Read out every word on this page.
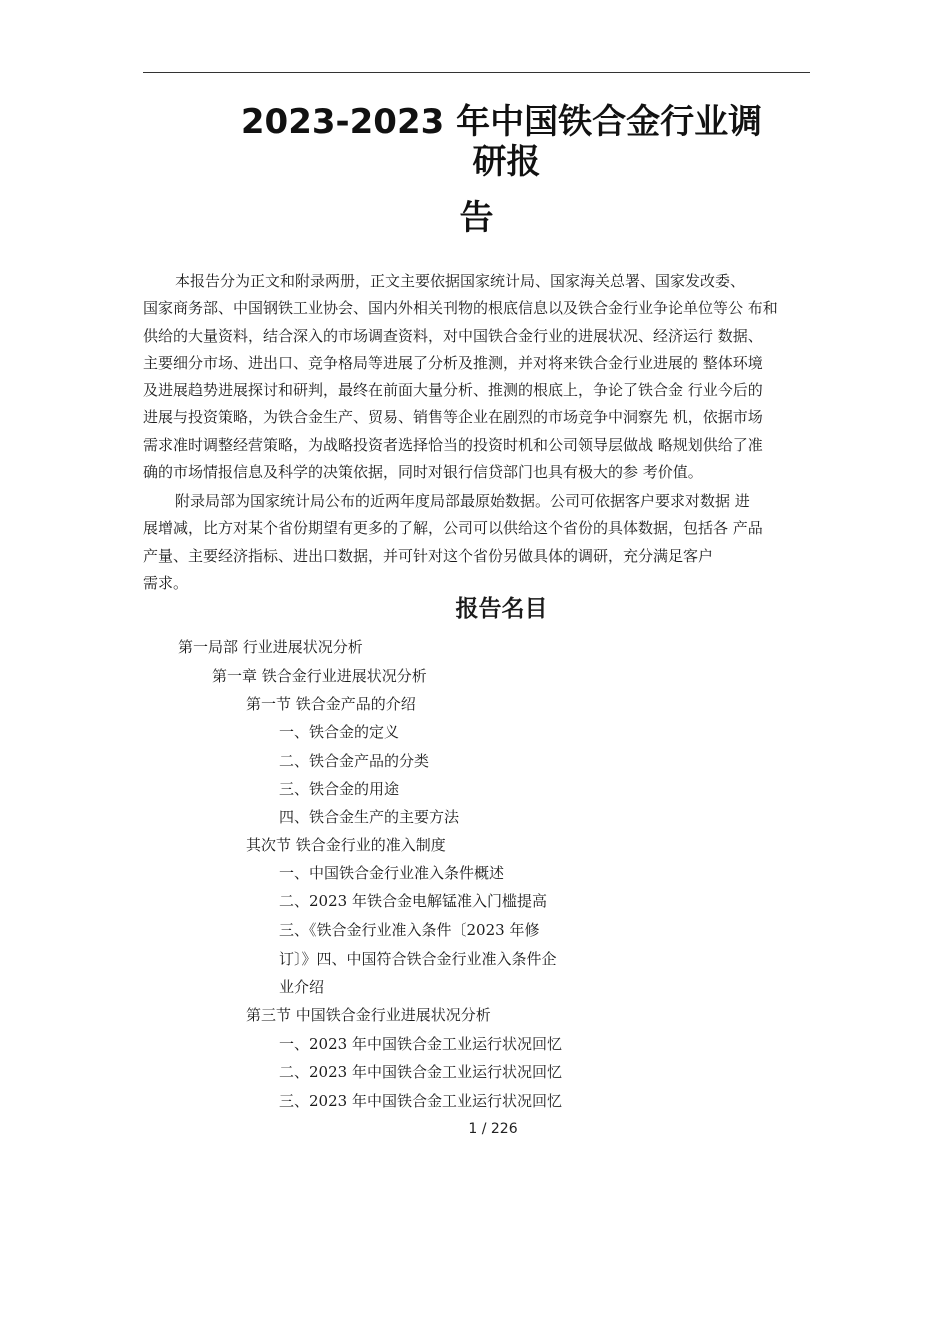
2023-2023 年中国铁合金行业调
研报
告
本报告分为正文和附录两册，正文主要依据国家统计局、国家海关总署、国家发改委、
国家商务部、中国钢铁工业协会、国内外相关刊物的根底信息以及铁合金行业争论单位等公 布和
供给的大量资料，结合深入的市场调查资料，对中国铁合金行业的进展状况、经济运行 数据、
主要细分市场、进出口、竞争格局等进展了分析及推测，并对将来铁合金行业进展的 整体环境
及进展趋势进展探讨和研判，最终在前面大量分析、推测的根底上，争论了铁合金 行业今后的
进展与投资策略，为铁合金生产、贸易、销售等企业在剧烈的市场竞争中洞察先 机，依据市场
需求准时调整经营策略，为战略投资者选择恰当的投资时机和公司领导层做战 略规划供给了准
确的市场情报信息及科学的决策依据，同时对银行信贷部门也具有极大的参 考价值。
附录局部为国家统计局公布的近两年度局部最原始数据。公司可依据客户要求对数据 进
展增减，比方对某个省份期望有更多的了解，公司可以供给这个省份的具体数据，包括各 产品
产量、主要经济指标、进出口数据，并可针对这个省份另做具体的调研，充分满足客户
需求。
报告名目
第一局部 行业进展状况分析
第一章 铁合金行业进展状况分析
第一节 铁合金产品的介绍
一、铁合金的定义
二、铁合金产品的分类
三、铁合金的用途
四、铁合金生产的主要方法
其次节 铁合金行业的准入制度
一、中国铁合金行业准入条件概述
二、2023 年铁合金电解锰准入门槛提高
三、《铁合金行业准入条件〔2023 年修
订〕》四、中国符合铁合金行业准入条件企
业介绍
第三节 中国铁合金行业进展状况分析
一、2023 年中国铁合金工业运行状况回忆
二、2023 年中国铁合金工业运行状况回忆
三、2023 年中国铁合金工业运行状况回忆
1 / 226
